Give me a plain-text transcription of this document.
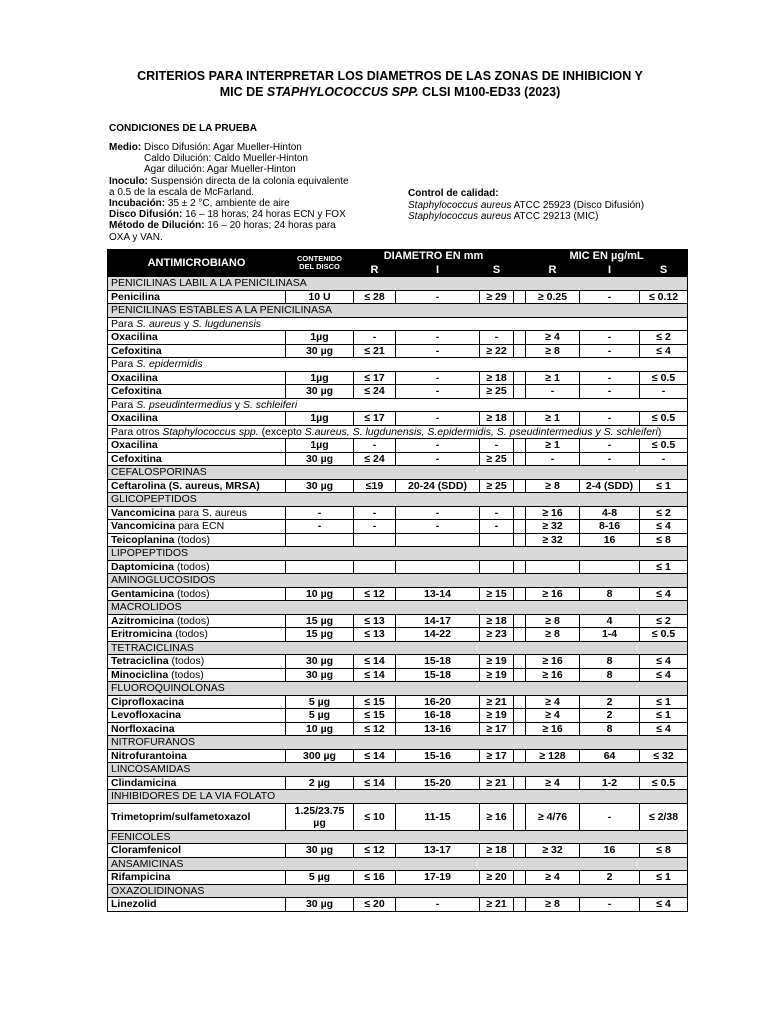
CRITERIOS PARA INTERPRETAR LOS DIAMETROS DE LAS ZONAS DE INHIBICION Y
MIC DE STAPHYLOCOCCUS SPP. CLSI M100-ED33 (2023)
CONDICIONES DE LA PRUEBA
Medio: Disco Difusión: Agar Mueller-Hinton
Caldo Dilución: Caldo Mueller-Hinton
Agar dilución: Agar Mueller-Hinton
Inoculo: Suspensión directa de la colonia equivalente
a 0.5 de la escala de McFarland.
Incubación: 35 ± 2 °C, ambiente de aire
Disco Difusión: 16 – 18 horas; 24 horas ECN y FOX
Método de Dilución: 16 – 20 horas; 24 horas para
OXA y VAN.
Control de calidad:
Staphylococcus aureus ATCC 25923 (Disco Difusión)
Staphylococcus aureus ATCC 29213 (MIC)
ANTIMICROBIANO	CONTENIDO
DEL DISCO	DIAMETRO EN mm				MIC EN µg/mL		
		R	I	S		R	I	S
PENICILINAS LABIL A LA PENICILINASA								
Penicilina	10 U	≤ 28	-	≥ 29		≥ 0.25	-	≤ 0.12
PENICILINAS ESTABLES A LA PENICILINASA								
Para S. aureus y S. lugdunensis								
Oxacilina	1µg	-	-	-		≥ 4	-	≤ 2
Cefoxitina	30 µg	≤ 21	-	≥ 22		≥ 8	-	≤ 4
Para S. epidermidis								
Oxacilina	1µg	≤ 17	-	≥ 18		≥ 1	-	≤ 0.5
Cefoxitina	30 µg	≤ 24	-	≥ 25		-	-	-
Para S. pseudintermedius y S. schleiferi								
Oxacilina	1µg	≤ 17	-	≥ 18		≥ 1	-	≤ 0.5
Para otros Staphylococcus spp. (excepto S.aureus, S. lugdunensis, S.epidermidis, S. pseudintermedius y S. schleiferi)								
Oxacilina	1µg	-	-	-		≥ 1	-	≤ 0.5
Cefoxitina	30 µg	≤ 24	-	≥ 25		-	-	-
CEFALOSPORINAS								
Ceftarolina (S. aureus, MRSA)	30 µg	≤19	20-24 (SDD)	≥ 25		≥ 8	2-4 (SDD)	≤ 1
GLICOPEPTIDOS								
Vancomicina para S. aureus	-	-	-	-		≥ 16	4-8	≤ 2
Vancomicina para ECN	-	-	-	-		≥ 32	8-16	≤ 4
Teicoplanina (todos)						≥ 32	16	≤ 8
LIPOPEPTIDOS								
Daptomicina (todos)								≤ 1
AMINOGLUCOSIDOS								
Gentamicina (todos)	10 µg	≤ 12	13-14	≥ 15		≥ 16	8	≤ 4
MACROLIDOS								
Azitromicina (todos)	15 µg	≤ 13	14-17	≥ 18		≥ 8	4	≤ 2
Eritromicina (todos)	15 µg	≤ 13	14-22	≥ 23		≥ 8	1-4	≤ 0.5
TETRACICLINAS								
Tetraciclina (todos)	30 µg	≤ 14	15-18	≥ 19		≥ 16	8	≤ 4
Minociclina (todos)	30 µg	≤ 14	15-18	≥ 19		≥ 16	8	≤ 4
FLUOROQUINOLONAS								
Ciprofloxacina	5 µg	≤ 15	16-20	≥ 21		≥ 4	2	≤ 1
Levofloxacina	5 µg	≤ 15	16-18	≥ 19		≥ 4	2	≤ 1
Norfloxacina	10 µg	≤ 12	13-16	≥ 17		≥ 16	8	≤ 4
NITROFURANOS								
Nitrofurantoina	300 µg	≤ 14	15-16	≥ 17		≥ 128	64	≤ 32
LINCOSAMIDAS								
Clindamicina	2 µg	≤ 14	15-20	≥ 21		≥ 4	1-2	≤ 0.5
INHIBIDORES DE LA VIA FOLATO								
Trimetoprim/sulfametoxazol	1.25/23.75 µg	≤ 10	11-15	≥ 16		≥ 4/76	-	≤ 2/38
FENICOLES								
Cloramfenicol	30 µg	≤ 12	13-17	≥ 18		≥ 32	16	≤ 8
ANSAMICINAS								
Rifampicina	5 µg	≤ 16	17-19	≥ 20		≥ 4	2	≤ 1
OXAZOLIDINONAS								
Linezolid	30 µg	≤ 20	-	≥ 21		≥ 8	-	≤ 4
